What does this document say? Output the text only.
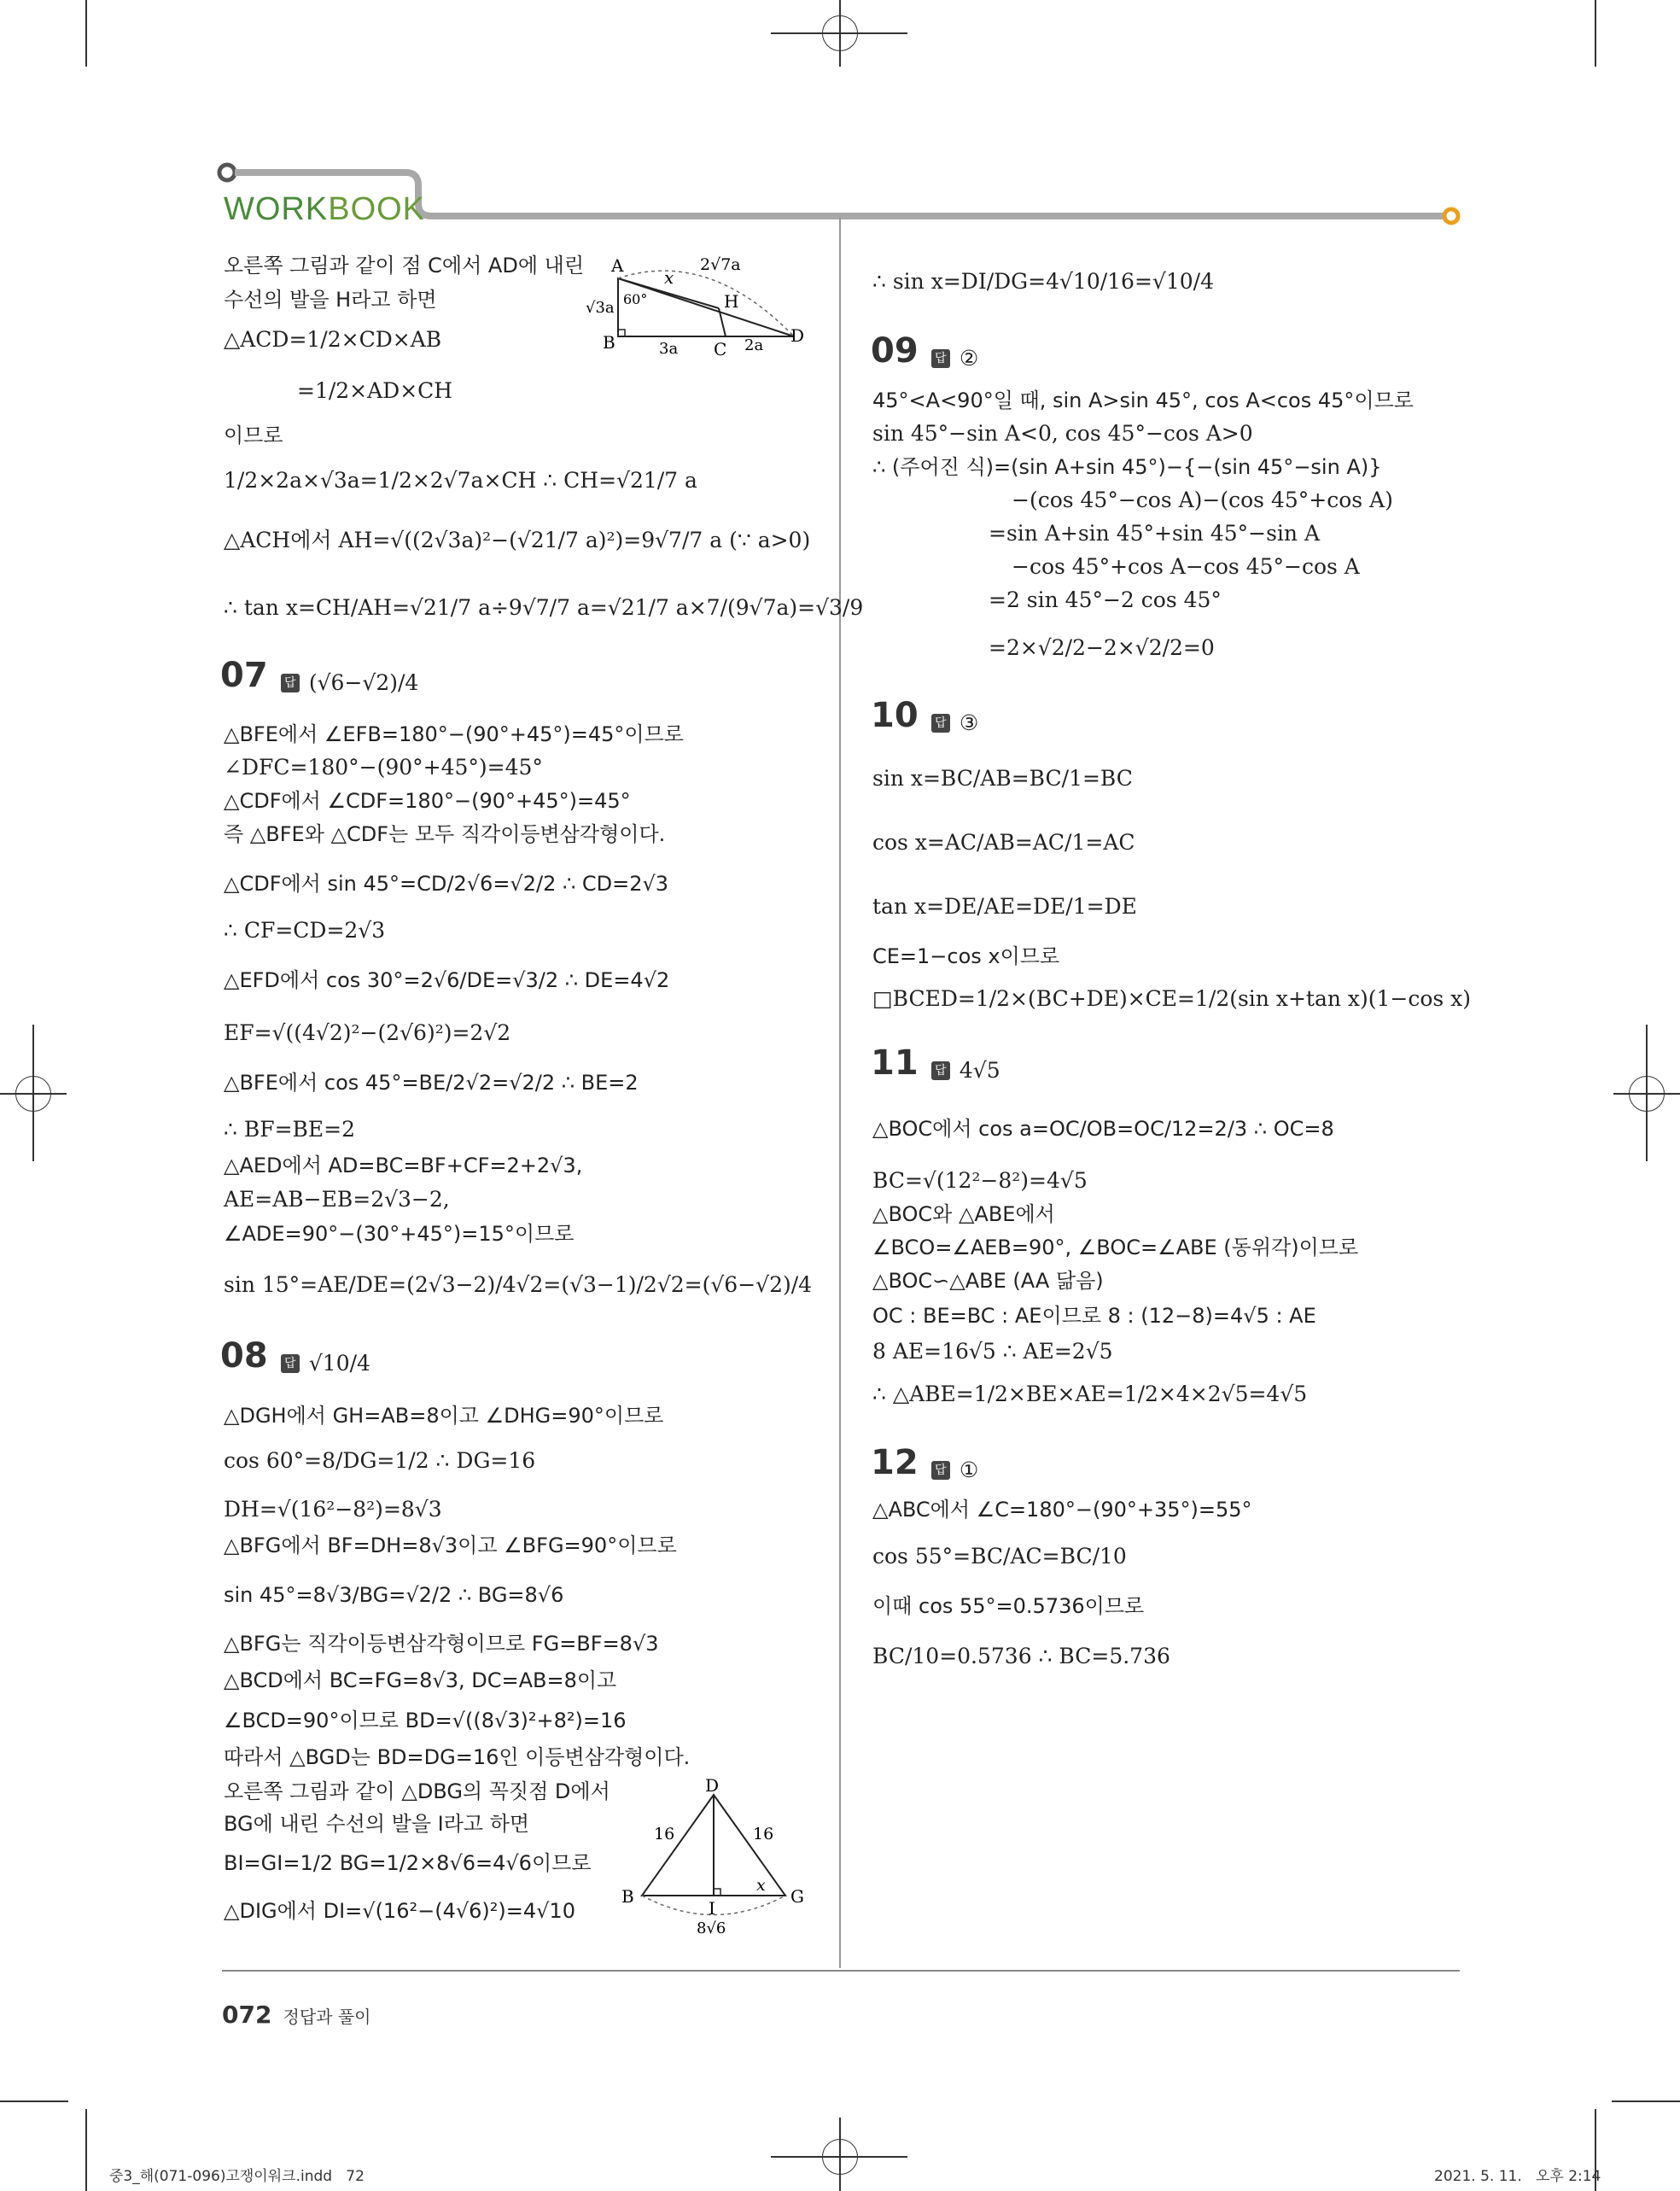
WORKBOOK
오른쪽 그림과 같이 점 C에서 AD에 내린
수선의 발을 H라고 하면
△ACD=1/2×CD×AB
=1/2×AD×CH
이므로
1/2×2a×√3a=1/2×2√7a×CH ∴ CH=√21/7 a
△ACH에서 AH=√((2√3a)²−(√21/7 a)²)=9√7/7 a (∵ a>0)
∴ tan x=CH/AH=√21/7 a÷9√7/7 a=√21/7 a×7/(9√7a)=√3/9
A
x
2√7a
√3a 60°	H
B	3a C 2a D
07 답 (√6−√2)/4
△BFE에서 ∠EFB=180°−(90°+45°)=45°이므로
∠DFC=180°−(90°+45°)=45°
△CDF에서 ∠CDF=180°−(90°+45°)=45°
즉 △BFE와 △CDF는 모두 직각이등변삼각형이다.
△CDF에서 sin 45°=CD/2√6=√2/2 ∴ CD=2√3
∴ CF=CD=2√3
△EFD에서 cos 30°=2√6/DE=√3/2 ∴ DE=4√2
EF=√((4√2)²−(2√6)²)=2√2
△BFE에서 cos 45°=BE/2√2=√2/2 ∴ BE=2
∴ BF=BE=2
△AED에서 AD=BC=BF+CF=2+2√3,
AE=AB−EB=2√3−2,
∠ADE=90°−(30°+45°)=15°이므로
sin 15°=AE/DE=(2√3−2)/4√2=(√3−1)/2√2=(√6−√2)/4
08 답 √10/4
△DGH에서 GH=AB=8이고 ∠DHG=90°이므로
cos 60°=8/DG=1/2 ∴ DG=16
DH=√(16²−8²)=8√3
△BFG에서 BF=DH=8√3이고 ∠BFG=90°이므로
sin 45°=8√3/BG=√2/2 ∴ BG=8√6
△BFG는 직각이등변삼각형이므로 FG=BF=8√3
△BCD에서 BC=FG=8√3, DC=AB=8이고
∠BCD=90°이므로 BD=√((8√3)²+8²)=16
따라서 △BGD는 BD=DG=16인 이등변삼각형이다.
오른쪽 그림과 같이 △DBG의 꼭짓점 D에서
BG에 내린 수선의 발을 I라고 하면
BI=GI=1/2 BG=1/2×8√6=4√6이므로
△DIG에서 DI=√(16²−(4√6)²)=4√10
D
16	16
B
I
x
G
8√6
∴ sin x=DI/DG=4√10/16=√10/4
09 답 ②
45°<A<90°일 때, sin A>sin 45°, cos A<cos 45°이므로
sin 45°−sin A<0, cos 45°−cos A>0
∴ (주어진 식)=(sin A+sin 45°)−{−(sin 45°−sin A)}
−(cos 45°−cos A)−(cos 45°+cos A)
=sin A+sin 45°+sin 45°−sin A
−cos 45°+cos A−cos 45°−cos A
=2 sin 45°−2 cos 45°
=2×√2/2−2×√2/2=0
10 답 ③
sin x=BC/AB=BC/1=BC
cos x=AC/AB=AC/1=AC
tan x=DE/AE=DE/1=DE
CE=1−cos x이므로
□BCED=1/2×(BC+DE)×CE=1/2(sin x+tan x)(1−cos x)
11 답 4√5
△BOC에서 cos a=OC/OB=OC/12=2/3 ∴ OC=8
BC=√(12²−8²)=4√5
△BOC와 △ABE에서
∠BCO=∠AEB=90°, ∠BOC=∠ABE (동위각)이므로
△BOC∽△ABE (AA 닮음)
OC : BE=BC : AE이므로 8 : (12−8)=4√5 : AE
8 AE=16√5 ∴ AE=2√5
∴ △ABE=1/2×BE×AE=1/2×4×2√5=4√5
12 답 ①
△ABC에서 ∠C=180°−(90°+35°)=55°
cos 55°=BC/AC=BC/10
이때 cos 55°=0.5736이므로
BC/10=0.5736 ∴ BC=5.736
072 정답과 풀이
중3_해(071-096)고쟁이워크.indd   72	2021. 5. 11.   오후 2:14
